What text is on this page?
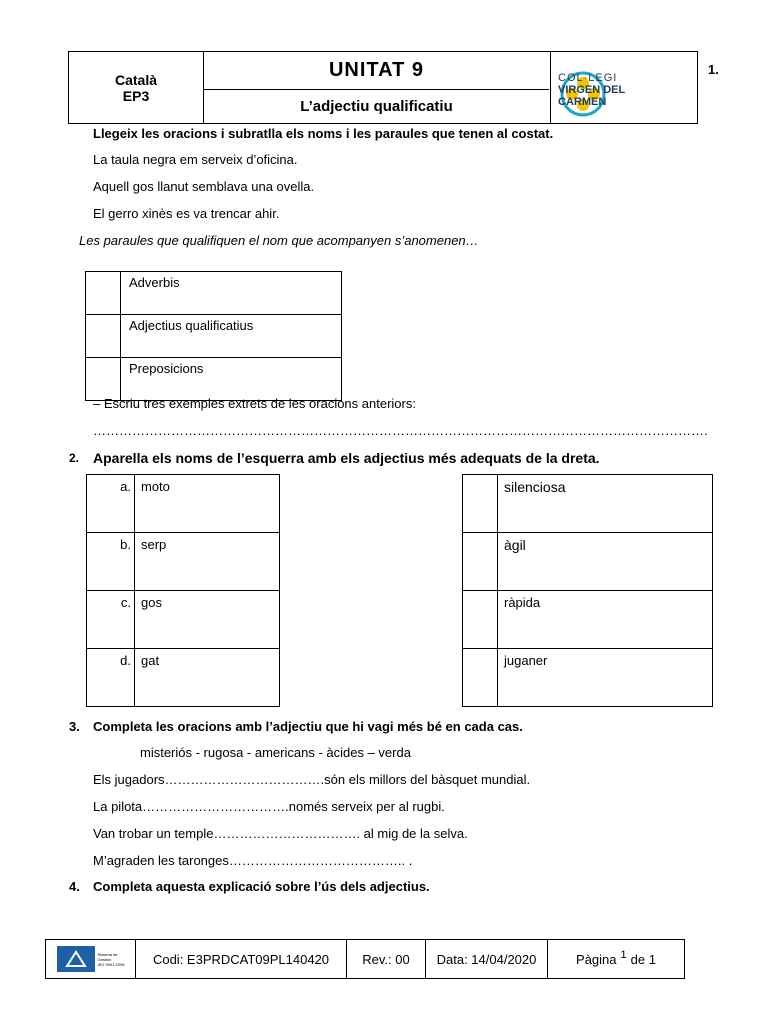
Català
EP3
UNITAT 9
L’adjectiu qualificatiu
COL·LEGI
VIRGEN DEL
CARMEN
1.
Llegeix les oracions i subratlla els noms i les paraules que tenen al costat.
La taula negra em serveix d’oficina.
Aquell gos llanut semblava una ovella.
El gerro xinès es va trencar ahir.
Les paraules que qualifiquen el nom que acompanyen s’anomenen…
	Adverbis
	Adjectius qualificatius
	Preposicions
– Escriu tres exemples extrets de les oracions anteriors:
…………………………………………………………………………………………………………………………….
2. Aparella els noms de l’esquerra amb els adjectius més adequats de la dreta.
a.	moto
b.	serp
c.	gos
d.	gat
	silenciosa
	àgil
	ràpida
	juganer
3. Completa les oracions amb l’adjectiu que hi vagi més bé en cada cas.
misteriós - rugosa - americans - àcides – verda
Els jugadors……………………………….són els millors del bàsquet mundial.
La pilota…………………………….només serveix per al rugbi.
Van trobar un temple……………………………. al mig de la selva.
M’agraden les taronges………………………………….. .
4. Completa aquesta explicació sobre l’ús dels adjectius.
Sistema de
Gestión
ISO 9001:2008	Codi: E3PRDCAT09PL140420	Rev.: 00	Data: 14/04/2020	Pàgina $^1$ de 1
